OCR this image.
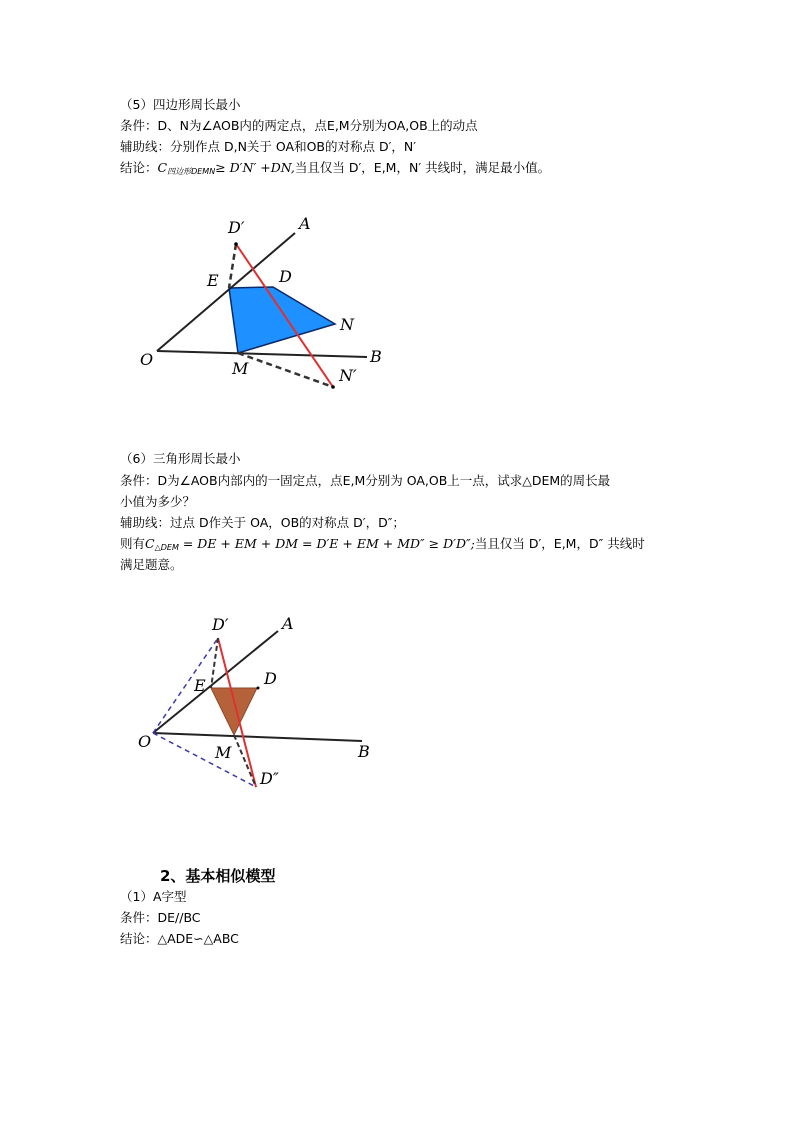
（5）四边形周长最小
条件：D、N为∠AOB内的两定点，点E,M分别为OA,OB上的动点
辅助线：分别作点 D,N关于 OA和OB的对称点 D′，N′
结论：$C_{四边形DEMN}\ge D'N' +DN$,当且仅当 D′，E,M，N′ 共线时，满足最小值。
D′	A
E	D
N
O	M
B
N′
（6）三角形周长最小
条件：D为∠AOB内部内的一固定点，点E,M分别为 OA,OB上一点，试求△DEM的周长最
小值为多少？
辅助线：过点 D作关于 OA，OB的对称点 D′，D″；
则有$C_{\triangle DEM}$ = DE + EM + DM = D′E + EM + MD″ ≥ D′D″;当且仅当 D′，E,M，D″ 共线时
满足题意。
D′	A
E	D
O
M	B
D″
2、基本相似模型
（1）A字型
条件：DE//BC
结论：△ADE∽△ABC
